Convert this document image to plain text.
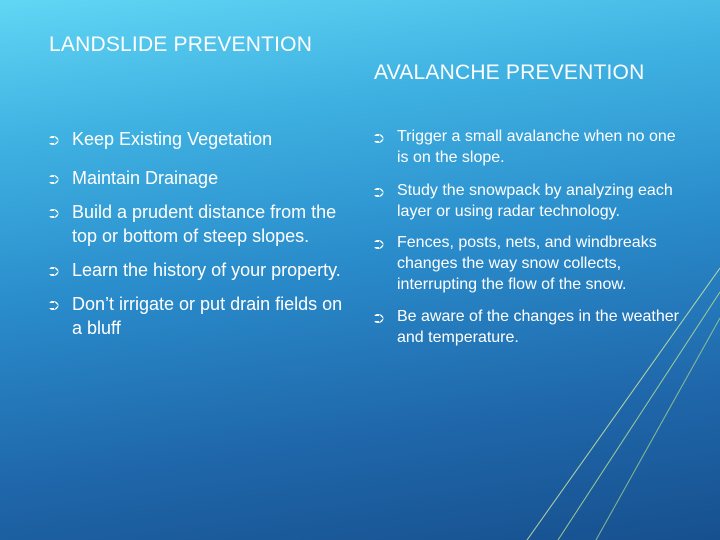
LANDSLIDE PREVENTION
AVALANCHE PREVENTION
⮊ Keep Existing Vegetation
⮊ Maintain Drainage
⮊ Build a prudent distance from the top or bottom of steep slopes.
⮊ Learn the history of your property.
⮊ Don’t irrigate or put drain fields on a bluff
⮊ Trigger a small avalanche when no one is on the slope.
⮊ Study the snowpack by analyzing each layer or using radar technology.
⮊ Fences, posts, nets, and windbreaks changes the way snow collects, interrupting the flow of the snow.
⮊ Be aware of the changes in the weather and temperature.
